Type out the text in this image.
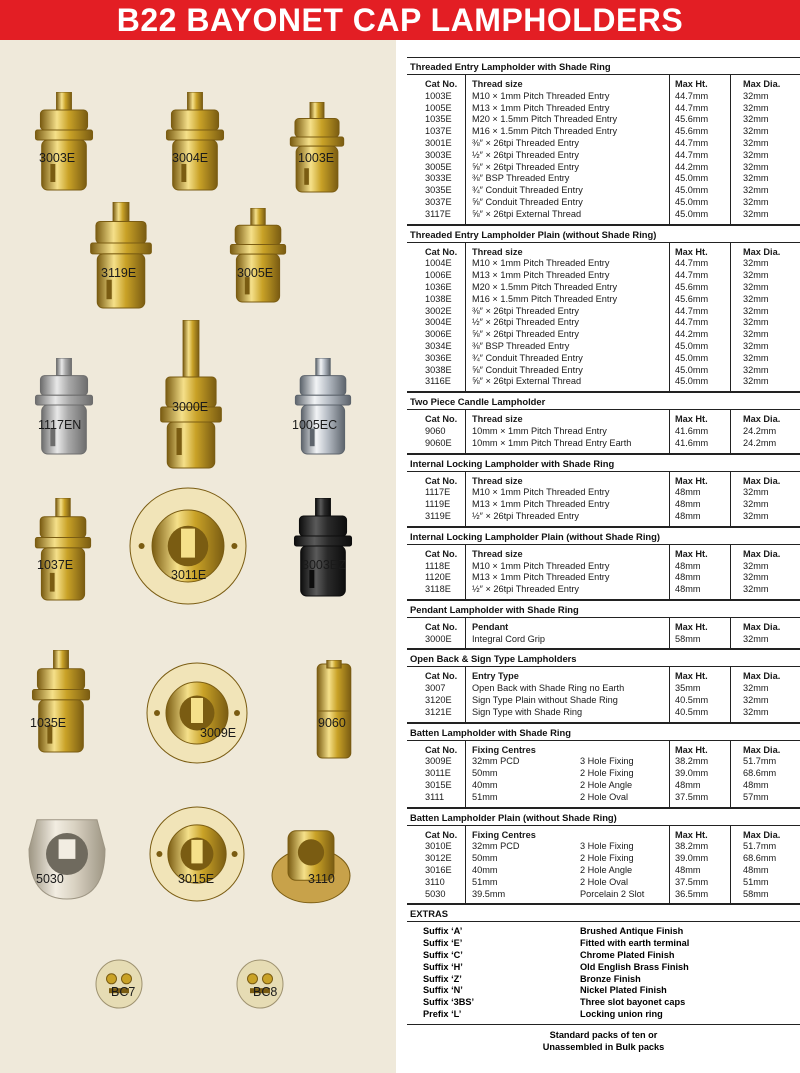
B22 BAYONET CAP LAMPHOLDERS
3003E	3004E	1003E
3119E	3005E
3000E
1117EN	1005EC
1037E
3011E
3003EZ
1035E
3009E
9060
5030	3015E	3110
BC7	BC8
Threaded Entry Lampholder with Shade Ring
Cat No. Thread size	Max Ht.	Max Dia.
1003E M10 × 1mm Pitch Threaded Entry	44.7mm	32mm
1005E M13 × 1mm Pitch Threaded Entry	44.7mm	32mm
1035E M20 × 1.5mm Pitch Threaded Entry	45.6mm	32mm
1037E M16 × 1.5mm Pitch Threaded Entry	45.6mm	32mm
3001E ⅜″ × 26tpi Threaded Entry	44.7mm	32mm
3003E ½″ × 26tpi Threaded Entry	44.7mm	32mm
3005E ⅝″ × 26tpi Threaded Entry	44.2mm	32mm
3033E ⅜″ BSP Threaded Entry	45.0mm	32mm
3035E ¾″ Conduit Threaded Entry	45.0mm	32mm
3037E ⅝″ Conduit Threaded Entry	45.0mm	32mm
3117E ⅝″ × 26tpi External Thread	45.0mm	32mm
Threaded Entry Lampholder Plain (without Shade Ring)
Cat No. Thread size	Max Ht.	Max Dia.
1004E M10 × 1mm Pitch Threaded Entry	44.7mm	32mm
1006E M13 × 1mm Pitch Threaded Entry	44.7mm	32mm
1036E M20 × 1.5mm Pitch Threaded Entry	45.6mm	32mm
1038E M16 × 1.5mm Pitch Threaded Entry	45.6mm	32mm
3002E ⅜″ × 26tpi Threaded Entry	44.7mm	32mm
3004E ½″ × 26tpi Threaded Entry	44.7mm	32mm
3006E ⅝″ × 26tpi Threaded Entry	44.2mm	32mm
3034E ⅜″ BSP Threaded Entry	45.0mm	32mm
3036E ¾″ Conduit Threaded Entry	45.0mm	32mm
3038E ⅝″ Conduit Threaded Entry	45.0mm	32mm
3116E ⅝″ × 26tpi External Thread	45.0mm	32mm
Two Piece Candle Lampholder
Cat No. Thread size	Max Ht.	Max Dia.
9060	10mm × 1mm Pitch Thread Entry	41.6mm	24.2mm
9060E 10mm × 1mm Pitch Thread Entry Earth	41.6mm	24.2mm
Internal Locking Lampholder with Shade Ring
Cat No. Thread size	Max Ht.	Max Dia.
1117E M10 × 1mm Pitch Threaded Entry	48mm	32mm
1119E M13 × 1mm Pitch Threaded Entry	48mm	32mm
3119E ½″ × 26tpi Threaded Entry	48mm	32mm
Internal Locking Lampholder Plain (without Shade Ring)
Cat No. Thread size	Max Ht.	Max Dia.
1118E M10 × 1mm Pitch Threaded Entry	48mm	32mm
1120E M13 × 1mm Pitch Threaded Entry	48mm	32mm
3118E ½″ × 26tpi Threaded Entry	48mm	32mm
Pendant Lampholder with Shade Ring
Cat No. Pendant	Max Ht.	Max Dia.
3000E Integral Cord Grip	58mm	32mm
Open Back & Sign Type Lampholders
Cat No. Entry Type	Max Ht.	Max Dia.
3007	Open Back with Shade Ring no Earth	35mm	32mm
3120E Sign Type Plain without Shade Ring	40.5mm	32mm
3121E Sign Type with Shade Ring	40.5mm	32mm
Batten Lampholder with Shade Ring
Cat No. Fixing Centres	Max Ht.	Max Dia.
3009E 32mm PCD	3 Hole Fixing	38.2mm	51.7mm
3011E 50mm	2 Hole Fixing	39.0mm	68.6mm
3015E 40mm	2 Hole Angle	48mm	48mm
3111	51mm	2 Hole Oval	37.5mm	57mm
Batten Lampholder Plain (without Shade Ring)
Cat No. Fixing Centres	Max Ht.	Max Dia.
3010E 32mm PCD	3 Hole Fixing	38.2mm	51.7mm
3012E 50mm	2 Hole Fixing	39.0mm	68.6mm
3016E 40mm	2 Hole Angle	48mm	48mm
3110	51mm	2 Hole Oval	37.5mm	51mm
5030	39.5mm	Porcelain 2 Slot	36.5mm	58mm
EXTRAS
Suffix ‘A’	Brushed Antique Finish
Suffix ‘E’	Fitted with earth terminal
Suffix ‘C’	Chrome Plated Finish
Suffix ‘H’	Old English Brass Finish
Suffix ‘Z’	Bronze Finish
Suffix ‘N’	Nickel Plated Finish
Suffix ‘3BS’	Three slot bayonet caps
Prefix ‘L’	Locking union ring
Standard packs of ten or
Unassembled in Bulk packs
